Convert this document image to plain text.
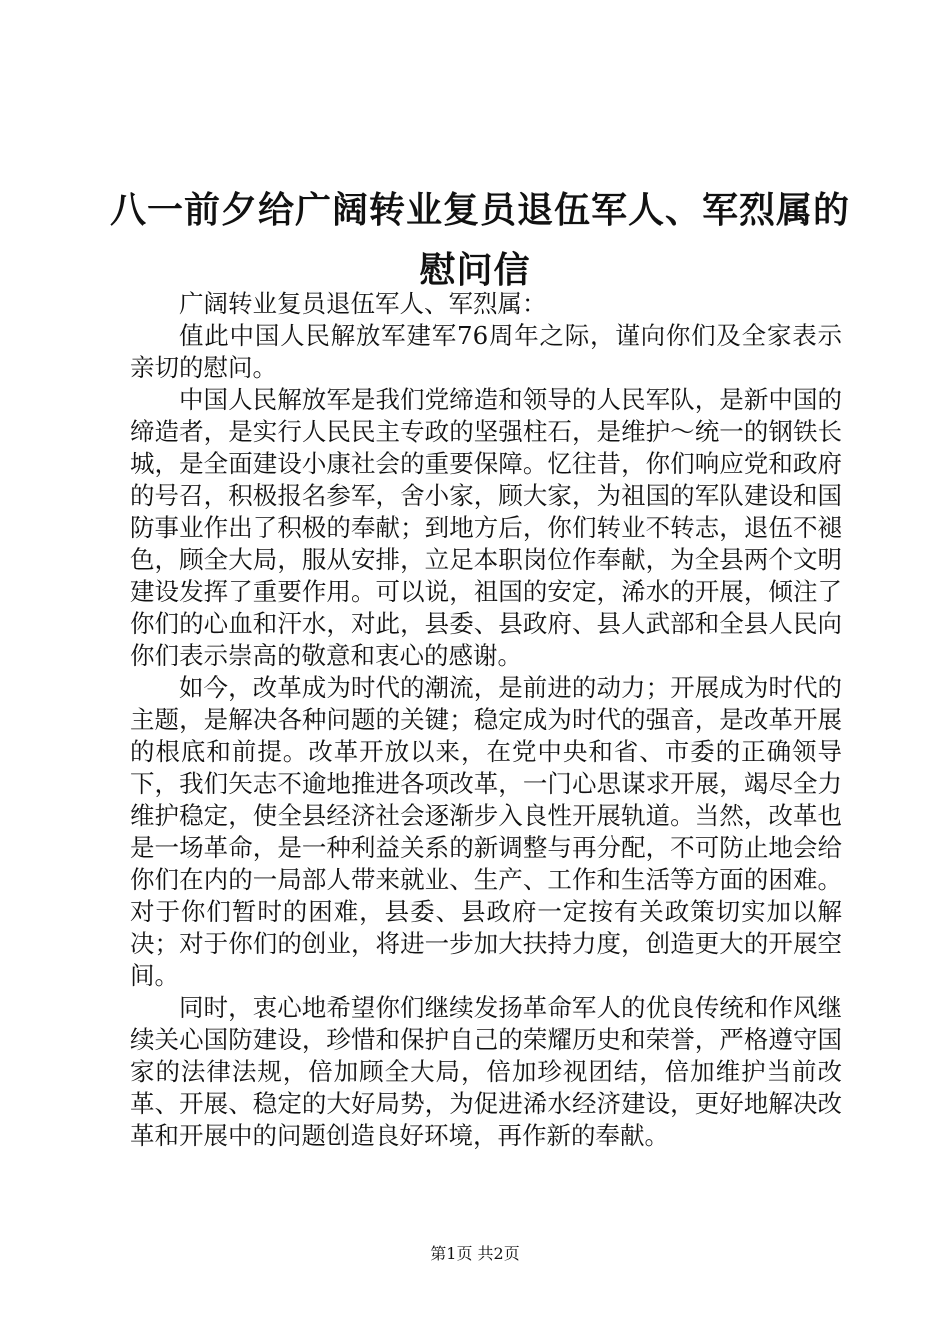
八一前夕给广阔转业复员退伍军人、军烈属的
慰问信

广阔转业复员退伍军人、军烈属：

值此中国人民解放军建军76周年之际，谨向你们及全家表示亲切的慰问。

中国人民解放军是我们党缔造和领导的人民军队，是新中国的缔造者，是实行人民民主专政的坚强柱石，是维护～统一的钢铁长城，是全面建设小康社会的重要保障。忆往昔，你们响应党和政府的号召，积极报名参军，舍小家，顾大家，为祖国的军队建设和国防事业作出了积极的奉献；到地方后，你们转业不转志，退伍不褪色，顾全大局，服从安排，立足本职岗位作奉献，为全县两个文明建设发挥了重要作用。可以说，祖国的安定，浠水的开展，倾注了你们的心血和汗水，对此，县委、县政府、县人武部和全县人民向你们表示崇高的敬意和衷心的感谢。

如今，改革成为时代的潮流，是前进的动力；开展成为时代的主题，是解决各种问题的关键；稳定成为时代的强音，是改革开展的根底和前提。改革开放以来，在党中央和省、市委的正确领导下，我们矢志不逾地推进各项改革，一门心思谋求开展，竭尽全力维护稳定，使全县经济社会逐渐步入良性开展轨道。当然，改革也是一场革命，是一种利益关系的新调整与再分配，不可防止地会给你们在内的一局部人带来就业、生产、工作和生活等方面的困难。对于你们暂时的困难，县委、县政府一定按有关政策切实加以解决；对于你们的创业，将进一步加大扶持力度，创造更大的开展空间。

同时，衷心地希望你们继续发扬革命军人的优良传统和作风继续关心国防建设，珍惜和保护自己的荣耀历史和荣誉，严格遵守国家的法律法规，倍加顾全大局，倍加珍视团结，倍加维护当前改革、开展、稳定的大好局势，为促进浠水经济建设，更好地解决改革和开展中的问题创造良好环境，再作新的奉献。

第1页 共2页
